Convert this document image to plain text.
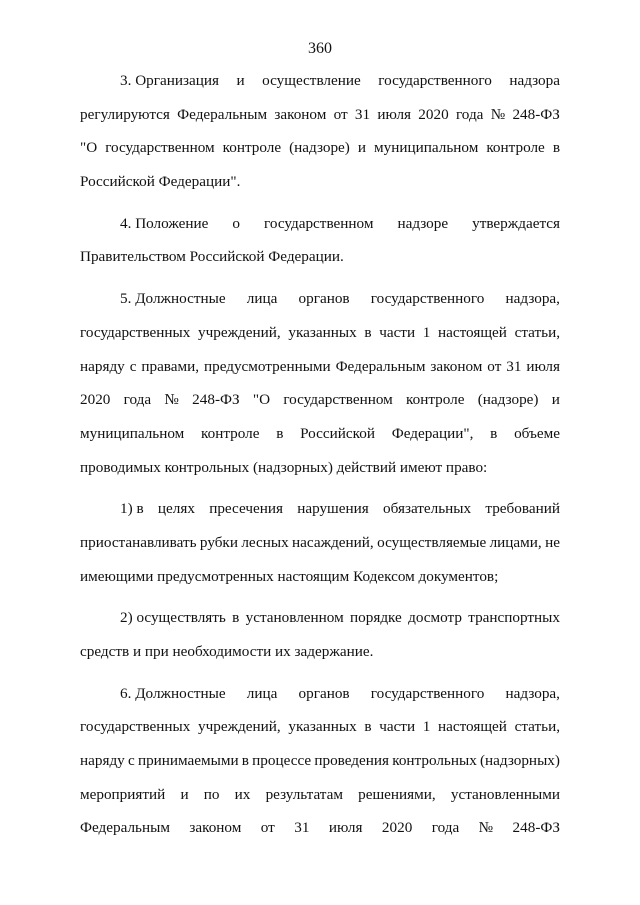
360
3. Организация и осуществление государственного надзора
регулируются Федеральным законом от 31 июля 2020 года № 248-ФЗ
"О государственном контроле (надзоре) и муниципальном контроле в
Российской Федерации".
4. Положение о государственном надзоре утверждается
Правительством Российской Федерации.
5. Должностные лица органов государственного надзора,
государственных учреждений, указанных в части 1 настоящей статьи,
наряду с правами, предусмотренными Федеральным законом от 31 июля
2020 года № 248-ФЗ "О государственном контроле (надзоре) и
муниципальном контроле в Российской Федерации", в объеме
проводимых контрольных (надзорных) действий имеют право:
1) в целях пресечения нарушения обязательных требований
приостанавливать рубки лесных насаждений, осуществляемые лицами, не
имеющими предусмотренных настоящим Кодексом документов;
2) осуществлять в установленном порядке досмотр транспортных
средств и при необходимости их задержание.
6. Должностные лица органов государственного надзора,
государственных учреждений, указанных в части 1 настоящей статьи,
наряду с принимаемыми в процессе проведения контрольных (надзорных)
мероприятий и по их результатам решениями, установленными
Федеральным законом от 31 июля 2020 года № 248-ФЗ
